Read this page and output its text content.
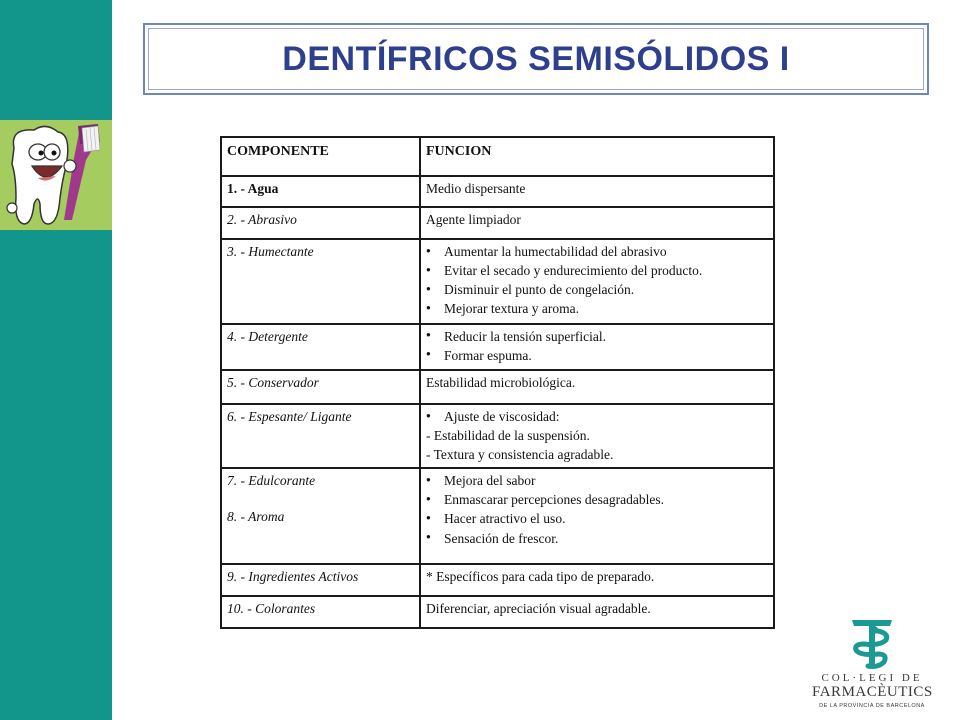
DENTÍFRICOS SEMISÓLIDOS I
COMPONENTE	FUNCION

1. - Agua	Medio dispersante

2. - Abrasivo	Agente limpiador

3. - Humectante	● Aumentar la humectabilidad del abrasivo
● Evitar el secado y endurecimiento del producto.
● Disminuir el punto de congelación.
● Mejorar textura y aroma.

4. - Detergente	● Reducir la tensión superficial.
● Formar espuma.

5. - Conservador	Estabilidad microbiológica.

6. - Espesante/ Ligante	● Ajuste de viscosidad:
- Estabilidad de la suspensión.
- Textura y consistencia agradable.

7. - Edulcorante
8. - Aroma	● Mejora del sabor
● Enmascarar percepciones desagradables.
● Hacer atractivo el uso.
● Sensación de frescor.

9. - Ingredientes Activos	* Específicos para cada tipo de preparado.

10. - Colorantes	Diferenciar, apreciación visual agradable.
COL·LEGI DE
FARMACÈUTICS
DE LA PROVÍNCIA DE BARCELONA
